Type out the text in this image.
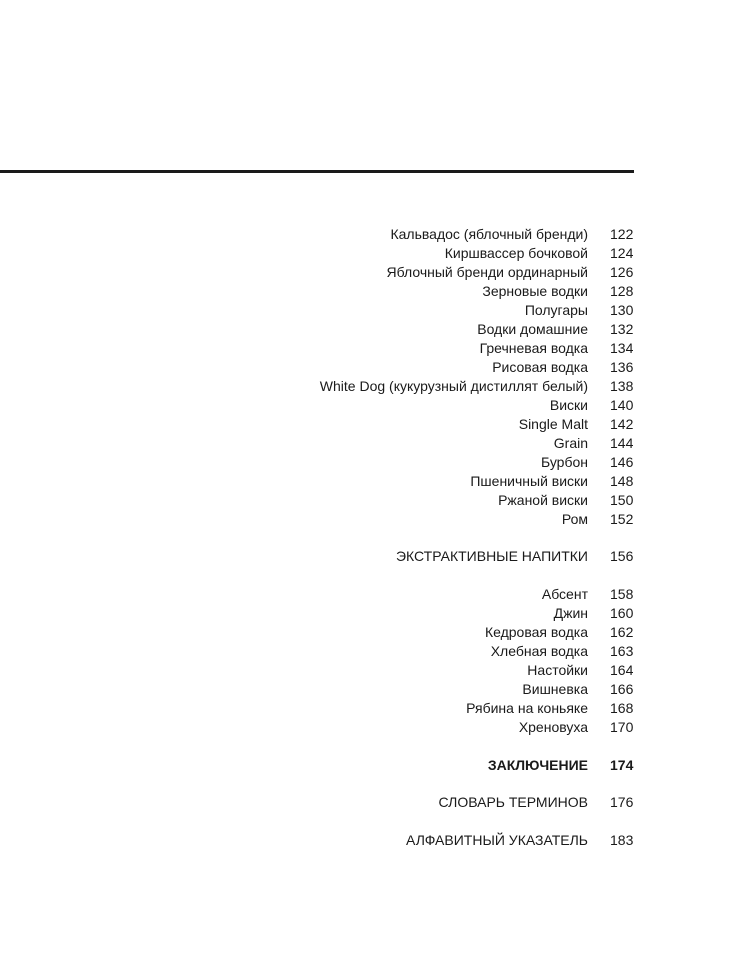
Кальвадос (яблочный бренди) 122
Киршвассер бочковой 124
Яблочный бренди ординарный 126
Зерновые водки 128
Полугары 130
Водки домашние 132
Гречневая водка 134
Рисовая водка 136
White Dog (кукурузный дистиллят белый) 138
Виски 140
Single Malt 142
Grain 144
Бурбон 146
Пшеничный виски 148
Ржаной виски 150
Ром 152
ЭКСТРАКТИВНЫЕ НАПИТКИ 156
Абсент 158
Джин 160
Кедровая водка 162
Хлебная водка 163
Настойки 164
Вишневка 166
Рябина на коньяке 168
Хреновуха 170
ЗАКЛЮЧЕНИЕ 174
СЛОВАРЬ ТЕРМИНОВ 176
АЛФАВИТНЫЙ УКАЗАТЕЛЬ 183
